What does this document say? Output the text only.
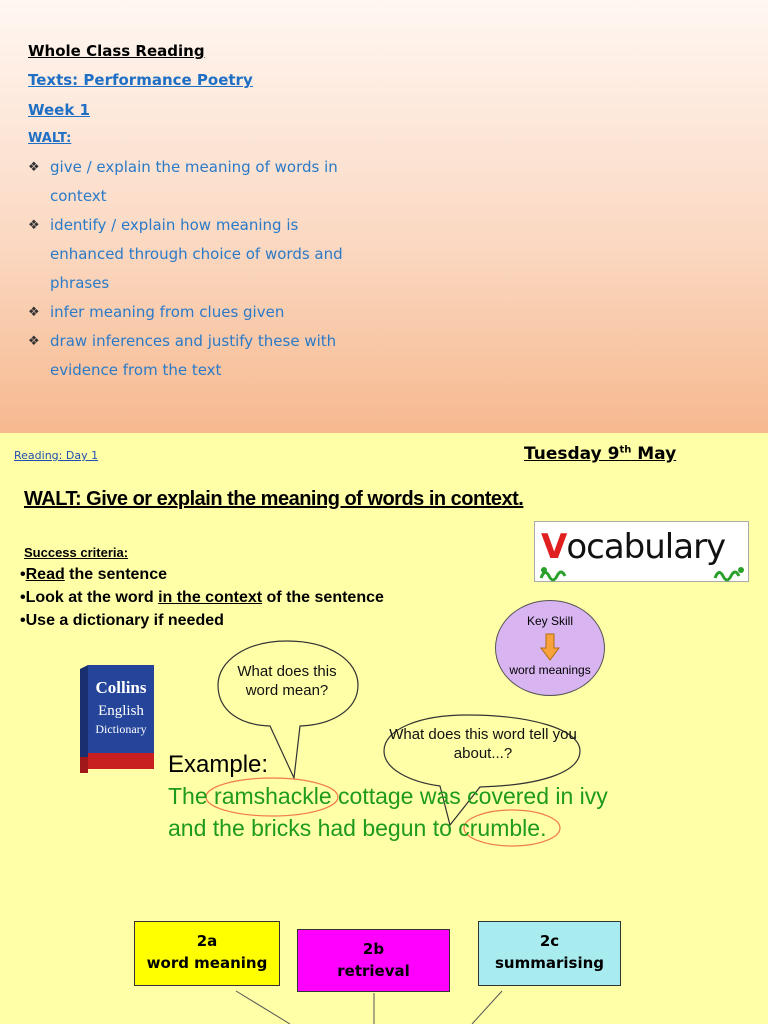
Whole Class Reading
Texts: Performance Poetry
Week 1
WALT:
❖ give / explain the meaning of words in context
❖ identify / explain how meaning is enhanced through choice of words and phrases
❖ infer meaning from clues given
❖ draw inferences and justify these with evidence from the text
Reading: Day 1	Tuesday 9th May
WALT: Give or explain the meaning of words in context.
Success criteria:
•Read the sentence
•Look at the word in the context of the sentence
•Use a dictionary if needed
Vocabulary
Key Skill
word meanings
Collins
English
Dictionary
What does this word mean?
What does this word tell you about...?
Example:
The ramshackle cottage was covered in ivy
and the bricks had begun to crumble.
2a
word meaning
2b
retrieval
2c
summarising
